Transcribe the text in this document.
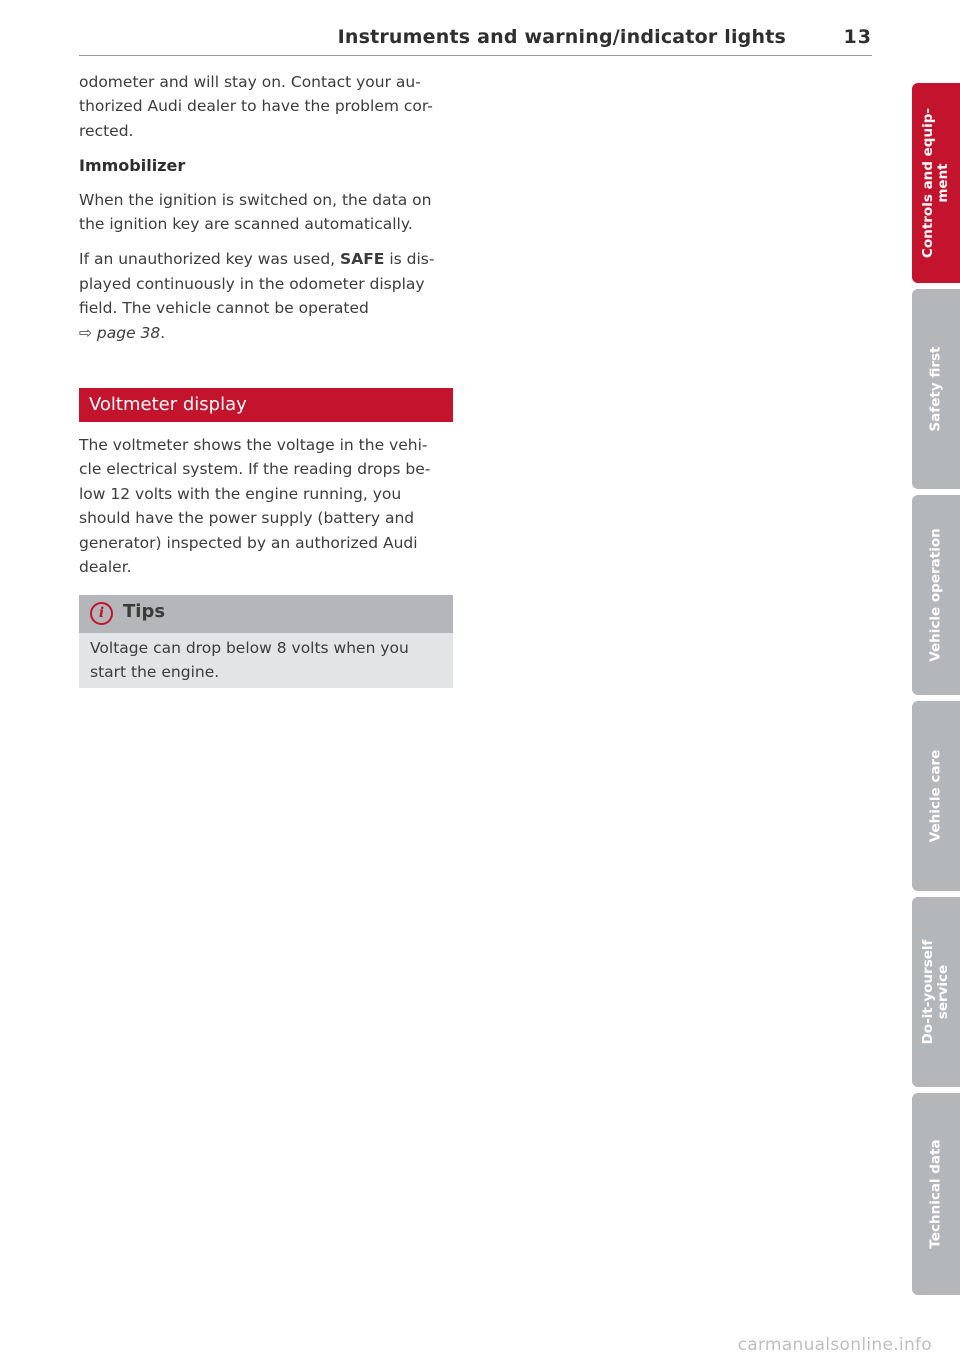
Instruments and warning/indicator lights	13

odometer and will stay on. Contact your au-
thorized Audi dealer to have the problem cor-
rected.

Immobilizer

When the ignition is switched on, the data on
the ignition key are scanned automatically.

If an unauthorized key was used, SAFE is dis-
played continuously in the odometer display
field. The vehicle cannot be operated
⇨ page 38.

Voltmeter display

The voltmeter shows the voltage in the vehi-
cle electrical system. If the reading drops be-
low 12 volts with the engine running, you
should have the power supply (battery and
generator) inspected by an authorized Audi
dealer.

i	Tips
Voltage can drop below 8 volts when you
start the engine.
Controls and equip- ment
Safety first
Vehicle operation
Vehicle care
Do-it-yourself service
Technical data
carmanualsonline.info
